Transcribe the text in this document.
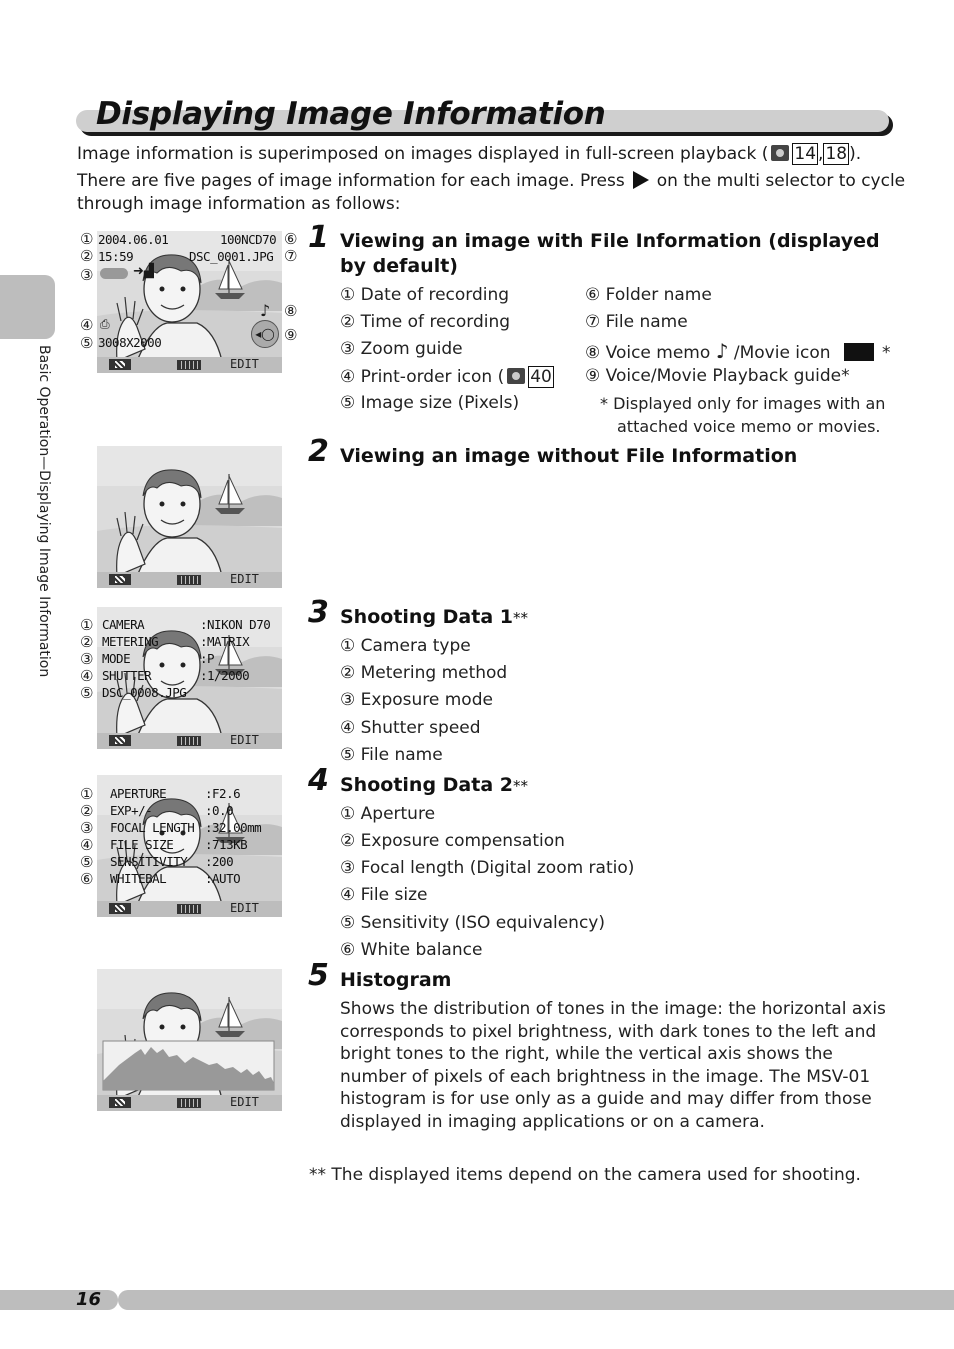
Displaying Image Information
Image information is superimposed on images displayed in full-screen playback ( 14 , 18 ).
There are five pages of image information for each image. Press on the multi selector to cycle
through image information as follows:
Basic Operation—Displaying Image Information
2004.06.01	100NCD70
15:59	DSC_0001.JPG
➜▟
⎙
♪
◂◯
3008X2000
EDIT
①
②
③
④
⑤
⑥
⑦
⑧
⑨
EDIT
CAMERA	:NIKON D70
METERING	:MATRIX
MODE	:P
SHUTTER	:1/2000
DSC_0008.JPG
EDIT
①
②
③
④
⑤
APERTURE	:F2.6
EXP+/-	:0.0
FOCAL LENGTH :32.00mm
FILE SIZE	:713KB
SENSITIVITY :200
WHITEBAL	:AUTO
EDIT
①
②
③
④
⑤
⑥
EDIT
1 Viewing an image with File Information (displayed
by default)
① Date of recording
② Time of recording
③ Zoom guide
④ Print-order icon ( 40
⑤ Image size (Pixels)
⑥ Folder name
⑦ File name
⑧ Voice memo ♪ /Movie icon	*
⑨ Voice/Movie Playback guide*
* Displayed only for images with an
attached voice memo or movies.
2 Viewing an image without File Information
3 Shooting Data 1**
① Camera type
② Metering method
③ Exposure mode
④ Shutter speed
⑤ File name
4 Shooting Data 2**
① Aperture
② Exposure compensation
③ Focal length (Digital zoom ratio)
④ File size
⑤ Sensitivity (ISO equivalency)
⑥ White balance
5 Histogram
Shows the distribution of tones in the image: the horizontal axis corresponds to pixel brightness, with dark tones to the left and bright tones to the right, while the vertical axis shows the number of pixels of each brightness in the image. The MSV-01 histogram is for use only as a guide and may differ from those displayed in imaging applications or on a camera.
** The displayed items depend on the camera used for shooting.
16
